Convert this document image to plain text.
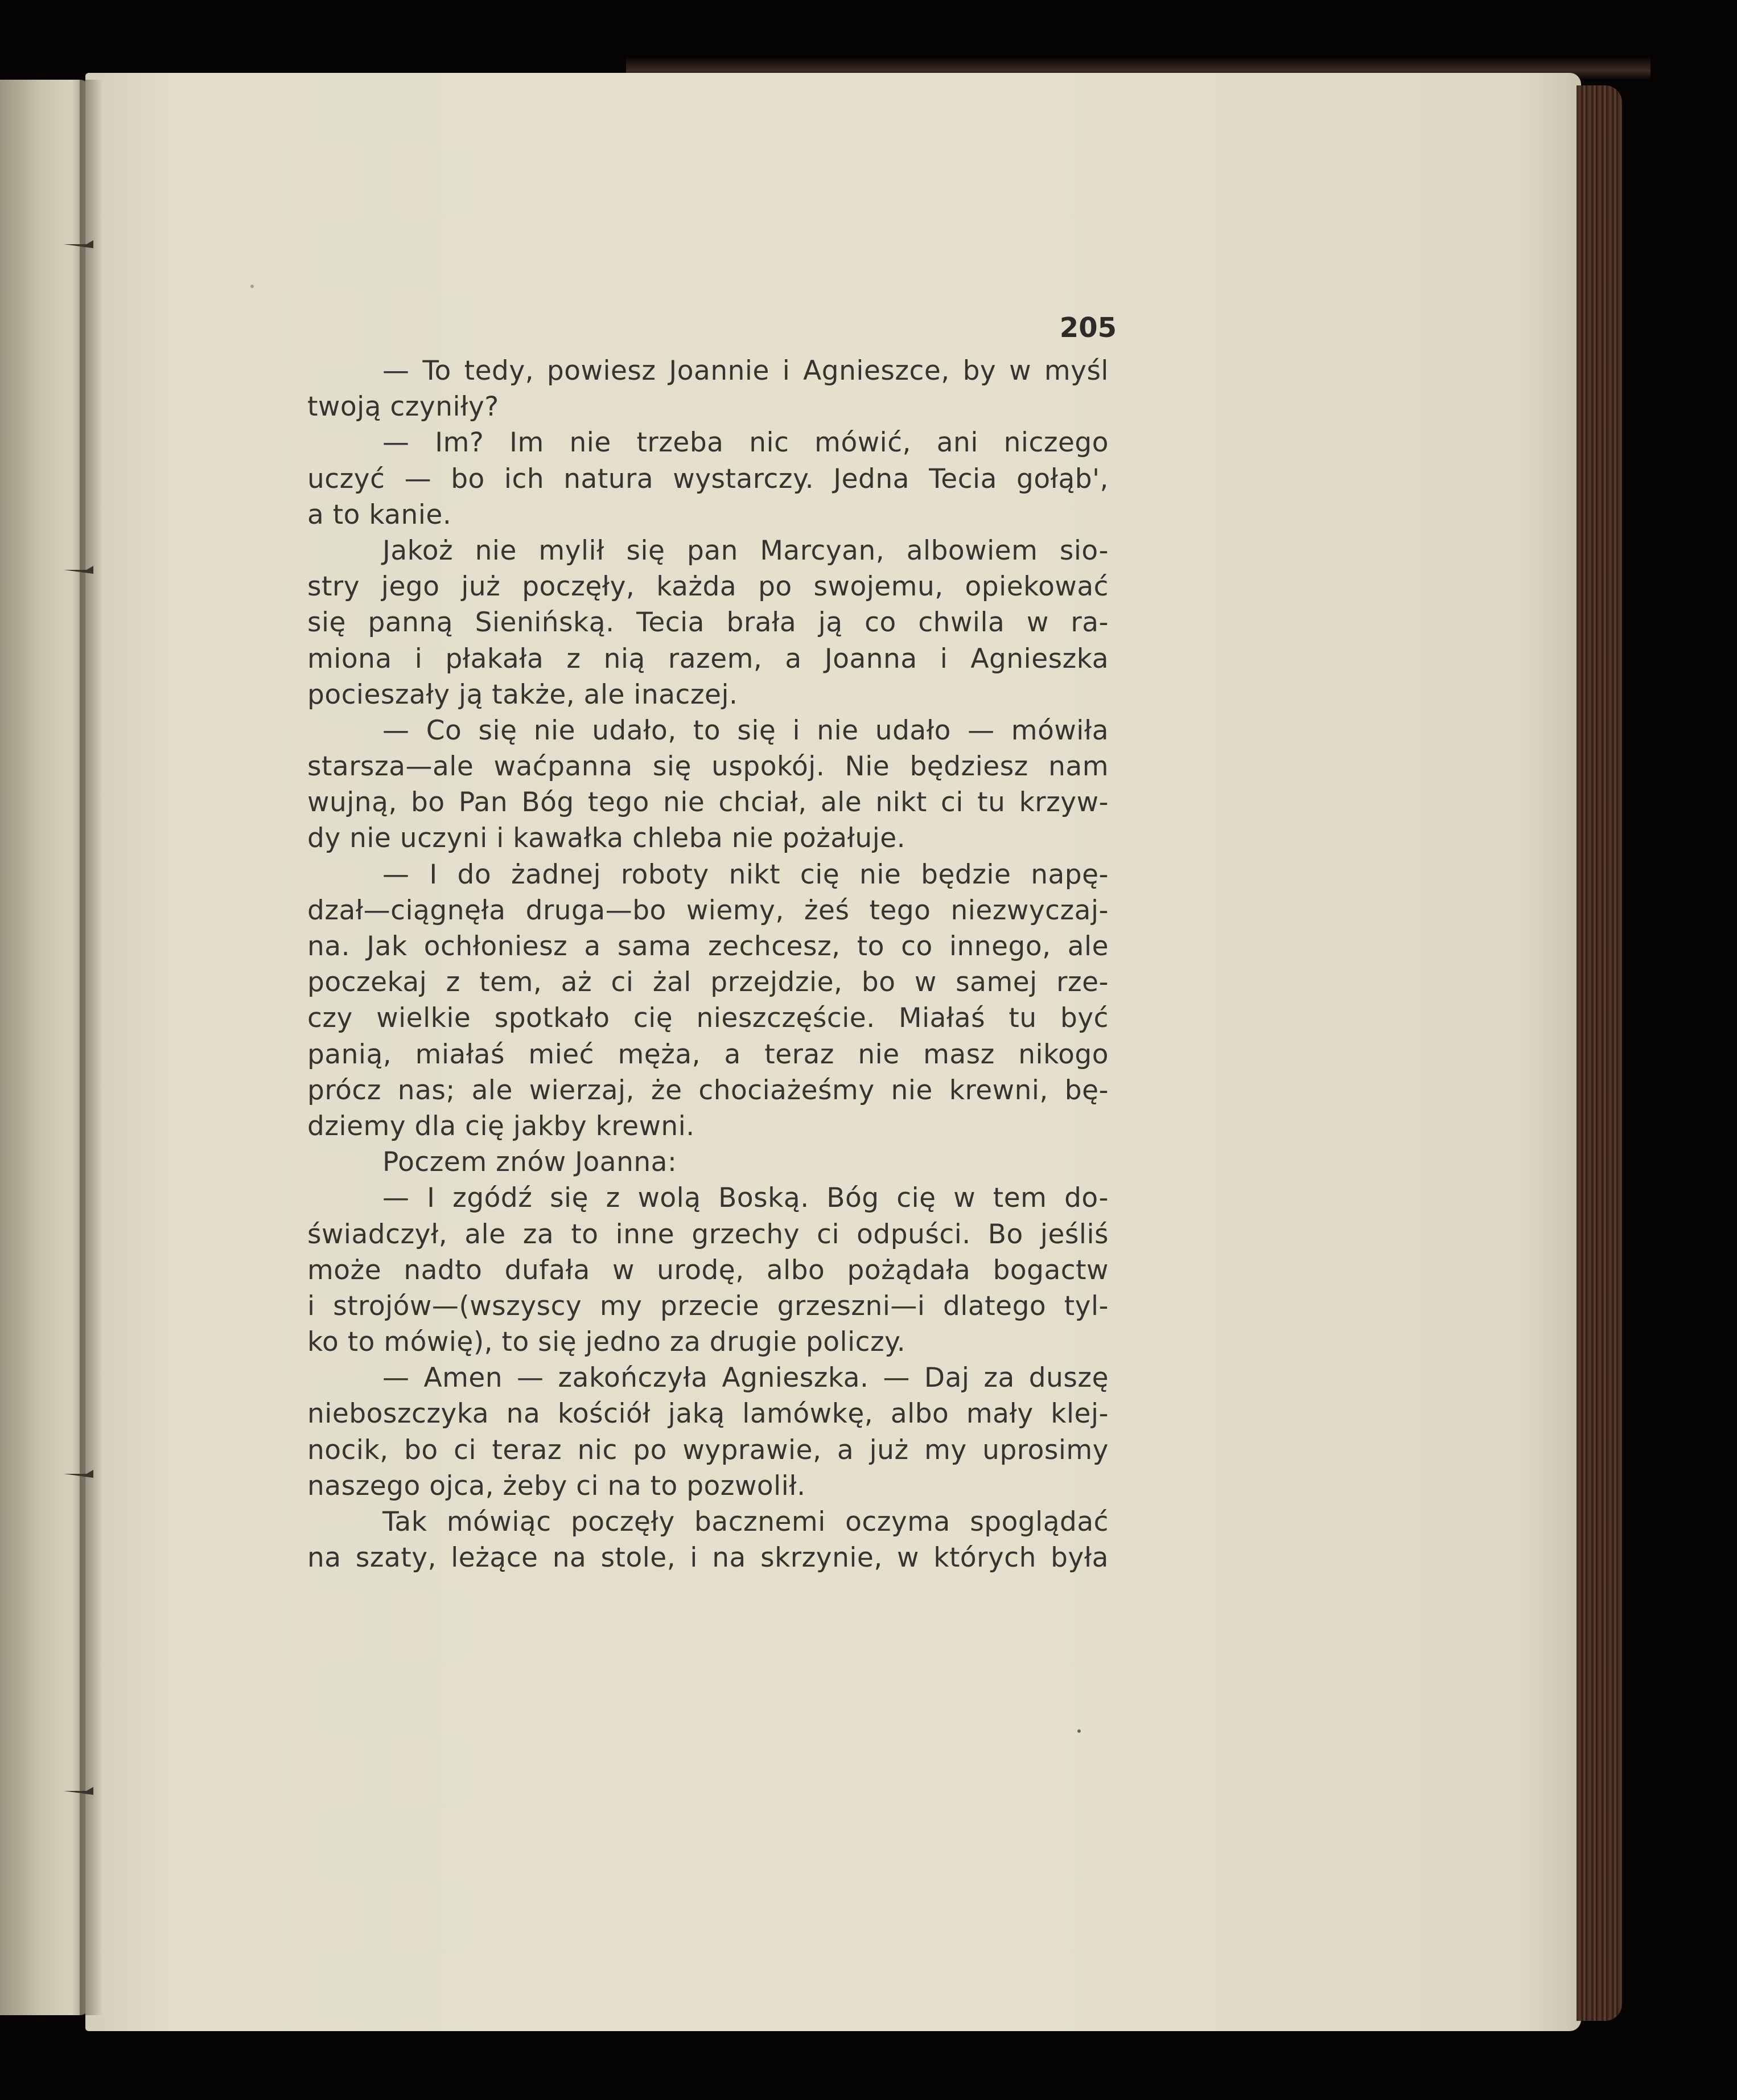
205
— To tedy, powiesz Joannie i Agnieszce, by w myśl
twoją czyniły?
— Im? Im nie trzeba nic mówić, ani niczego
uczyć — bo ich natura wystarczy. Jedna Tecia gołąb',
a to kanie.
Jakoż nie mylił się pan Marcyan, albowiem sio-
stry jego już poczęły, każda po swojemu, opiekować
się panną Sienińską. Tecia brała ją co chwila w ra-
miona i płakała z nią razem, a Joanna i Agnieszka
pocieszały ją także, ale inaczej.
— Co się nie udało, to się i nie udało — mówiła
starsza—ale waćpanna się uspokój. Nie będziesz nam
wujną, bo Pan Bóg tego nie chciał, ale nikt ci tu krzyw-
dy nie uczyni i kawałka chleba nie pożałuje.
— I do żadnej roboty nikt cię nie będzie napę-
dzał—ciągnęła druga—bo wiemy, żeś tego niezwyczaj-
na. Jak ochłoniesz a sama zechcesz, to co innego, ale
poczekaj z tem, aż ci żal przejdzie, bo w samej rze-
czy wielkie spotkało cię nieszczęście. Miałaś tu być
panią, miałaś mieć męża, a teraz nie masz nikogo
prócz nas; ale wierzaj, że chociażeśmy nie krewni, bę-
dziemy dla cię jakby krewni.
Poczem znów Joanna:
— I zgódź się z wolą Boską. Bóg cię w tem do-
świadczył, ale za to inne grzechy ci odpuści. Bo jeśliś
może nadto dufała w urodę, albo pożądała bogactw
i strojów—(wszyscy my przecie grzeszni—i dlatego tyl-
ko to mówię), to się jedno za drugie policzy.
— Amen — zakończyła Agnieszka. — Daj za duszę
nieboszczyka na kościół jaką lamówkę, albo mały klej-
nocik, bo ci teraz nic po wyprawie, a już my uprosimy
naszego ojca, żeby ci na to pozwolił.
Tak mówiąc poczęły bacznemi oczyma spoglądać
na szaty, leżące na stole, i na skrzynie, w których była
